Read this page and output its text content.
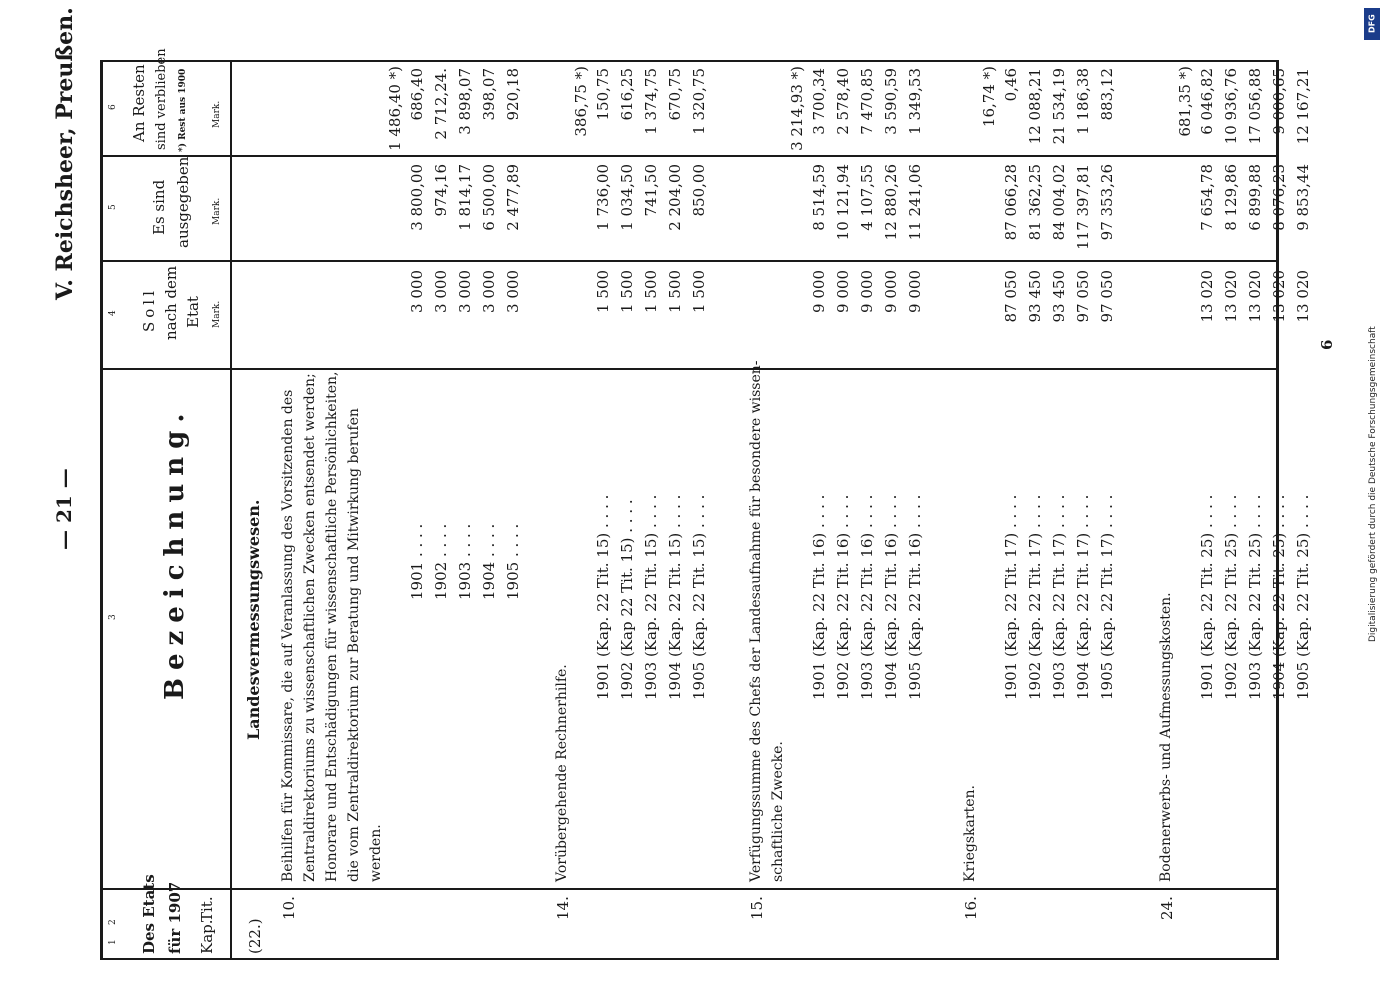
— 21 —
V. Reichsheer, Preußen.
1
2
3
4
5
6
Des Etats für 1907 Kap.
Tit.
Bezeichnung.
Soll nach dem Etat Mark.
Es sind ausgegeben Mark.
An Resten sind verblieben *) Rest aus 1900	Mark.
(22.)
Landesvermessungswesen.
10.
Beihilfen für Kommissare, die auf Veranlassung des Vorsitzenden des Zentraldirektoriums zu wissenschaftlichen Zwecken entsendet werden; Honorare und Entschädigungen für wissenschaftliche Persönlichkeiten, die vom Zentraldirektorium zur Beratung und Mitwirkung berufen werden.
1 486,40 *)
1901 . . . .
3 000
3 800,00
686,40
1902 . . . .
3 000
974,16
2 712,24.
1903 . . . .
3 000
1 814,17
3 898,07
1904 . . . .
3 000
6 500,00
398,07
1905 . . . .
3 000
2 477,89
920,18
14.
Vorübergehende Rechnerhilfe.
386,75 *)
1901 (Kap. 22 Tit. 15) . . . .
1 500
1 736,00
150,75
1902 (Kap 22 Tit. 15) . . . .
1 500
1 034,50
616,25
1903 (Kap. 22 Tit. 15) . . . .
1 500
741,50
1 374,75
1904 (Kap. 22 Tit. 15) . . . .
1 500
2 204,00
670,75
1905 (Kap. 22 Tit. 15) . . . .
1 500
850,00
1 320,75
15.
Verfügungssumme des Chefs der Landesaufnahme für besondere wissen- schaftliche Zwecke.
3 214,93 *)
1901 (Kap. 22 Tit. 16) . . . .
9 000
8 514,59
3 700,34
1902 (Kap. 22 Tit. 16) . . . .
9 000
10 121,94
2 578,40
1903 (Kap. 22 Tit. 16) . . . .
9 000
4 107,55
7 470,85
1904 (Kap. 22 Tit. 16) . . . .
9 000
12 880,26
3 590,59
1905 (Kap. 22 Tit. 16) . . . .
9 000
11 241,06
1 349,53
16.
Kriegskarten.
16,74 *)
1901 (Kap. 22 Tit. 17) . . . .
87 050
87 066,28
0,46
1902 (Kap. 22 Tit. 17) . . . .
93 450
81 362,25
12 088,21
1903 (Kap. 22 Tit. 17) . . . .
93 450
84 004,02
21 534,19
1904 (Kap. 22 Tit. 17) . . . .
97 050
117 397,81
1 186,38
1905 (Kap. 22 Tit. 17) . . . .
97 050
97 353,26
883,12
24.
Bodenerwerbs- und Aufmessungskosten.
681,35 *)
1901 (Kap. 22 Tit. 25) . . . .
13 020
7 654,78
6 046,82
1902 (Kap. 22 Tit. 25) . . . .
13 020
8 129,86
10 936,76
1903 (Kap. 22 Tit. 25) . . . .
13 020
6 899,88
17 056,88
1904 (Kap. 22 Tit. 25) . . . .
13 020
8 076,23
9 000,65
1905 (Kap. 22 Tit. 25) . . . .
13 020
9 853,44
12 167,21
6
DFG
Digitalisierung gefördert durch die Deutsche Forschungsgemeinschaft
